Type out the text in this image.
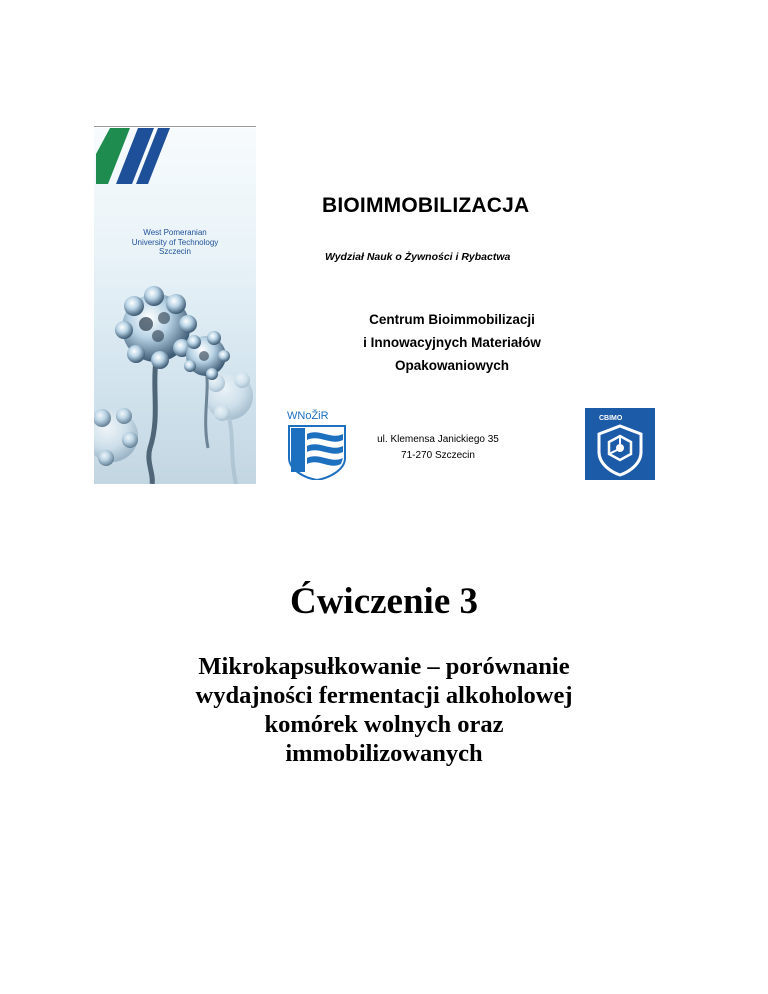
West Pomeranian
University of Technology
Szczecin
BIOIMMOBILIZACJA
Wydział Nauk o Żywności i Rybactwa
Centrum Bioimmobilizacji
i Innowacyjnych Materiałów
Opakowaniowych
WNoŽiR
ul. Klemensa Janickiego 35
71-270 Szczecin
CBIMO
Ćwiczenie 3
Mikrokapsułkowanie – porównanie
wydajności fermentacji alkoholowej
komórek wolnych oraz
immobilizowanych
